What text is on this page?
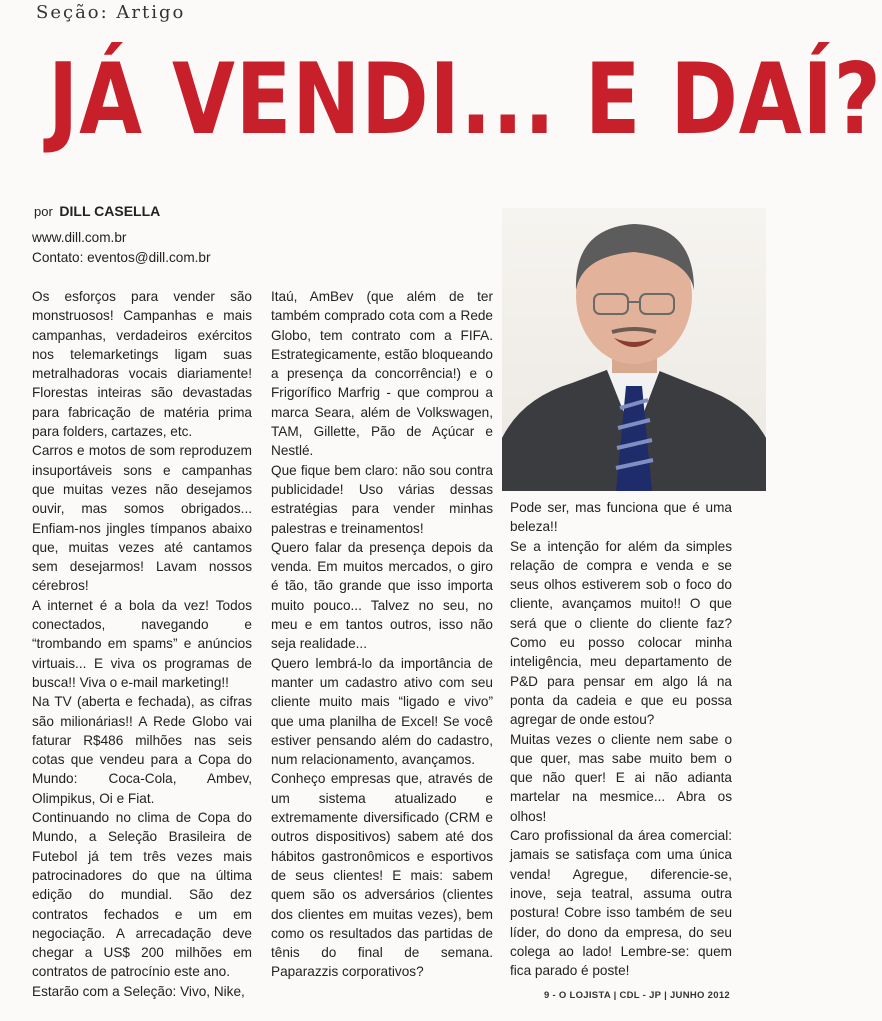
Seção: Artigo
JÁ VENDI... E DAÍ?
por DILL CASELLA
www.dill.com.br
Contato: eventos@dill.com.br

Os esforços para vender são monstruosos! Campanhas e mais campanhas, verdadeiros exércitos nos telemarketings ligam suas metralhadoras vocais diariamente! Florestas inteiras são devastadas para fabricação de matéria prima para folders, cartazes, etc.

Carros e motos de som reproduzem insuportáveis sons e campanhas que muitas vezes não desejamos ouvir, mas somos obrigados... Enfiam-nos jingles tímpanos abaixo que, muitas vezes até cantamos sem desejarmos! Lavam nossos cérebros!

A internet é a bola da vez! Todos conectados, navegando e “trombando em spams” e anúncios virtuais... E viva os programas de busca!! Viva o e-mail marketing!!

Na TV (aberta e fechada), as cifras são milionárias!! A Rede Globo vai faturar R$486 milhões nas seis cotas que vendeu para a Copa do Mundo: Coca-Cola, Ambev, Olimpikus, Oi e Fiat.

Continuando no clima de Copa do Mundo, a Seleção Brasileira de Futebol já tem três vezes mais patrocinadores do que na última edição do mundial. São dez contratos fechados e um em negociação. A arrecadação deve chegar a US$ 200 milhões em contratos de patrocínio este ano.

Estarão com a Seleção: Vivo, Nike,

Itaú, AmBev (que além de ter também comprado cota com a Rede Globo, tem contrato com a FIFA. Estrategicamente, estão bloqueando a presença da concorrência!) e o Frigorífico Marfrig - que comprou a marca Seara, além de Volkswagen, TAM, Gillette, Pão de Açúcar e Nestlé.

Que fique bem claro: não sou contra publicidade! Uso várias dessas estratégias para vender minhas palestras e treinamentos!

Quero falar da presença depois da venda. Em muitos mercados, o giro é tão, tão grande que isso importa muito pouco... Talvez no seu, no meu e em tantos outros, isso não seja realidade...

Quero lembrá-lo da importância de manter um cadastro ativo com seu cliente muito mais “ligado e vivo” que uma planilha de Excel! Se você estiver pensando além do cadastro, num relacionamento, avançamos.

Conheço empresas que, através de um sistema atualizado e extremamente diversificado (CRM e outros dispositivos) sabem até dos hábitos gastronômicos e esportivos de seus clientes! E mais: sabem quem são os adversários (clientes dos clientes em muitas vezes), bem como os resultados das partidas de tênis do final de semana. Paparazzis corporativos?

Pode ser, mas funciona que é uma beleza!!

Se a intenção for além da simples relação de compra e venda e se seus olhos estiverem sob o foco do cliente, avançamos muito!! O que será que o cliente do cliente faz? Como eu posso colocar minha inteligência, meu departamento de P&D para pensar em algo lá na ponta da cadeia e que eu possa agregar de onde estou?

Muitas vezes o cliente nem sabe o que quer, mas sabe muito bem o que não quer! E ai não adianta martelar na mesmice... Abra os olhos!

Caro profissional da área comercial: jamais se satisfaça com uma única venda! Agregue, diferencie-se, inove, seja teatral, assuma outra postura! Cobre isso também de seu líder, do dono da empresa, do seu colega ao lado! Lembre-se: quem fica parado é poste!

9 - O LOJISTA | CDL - JP | JUNHO 2012
